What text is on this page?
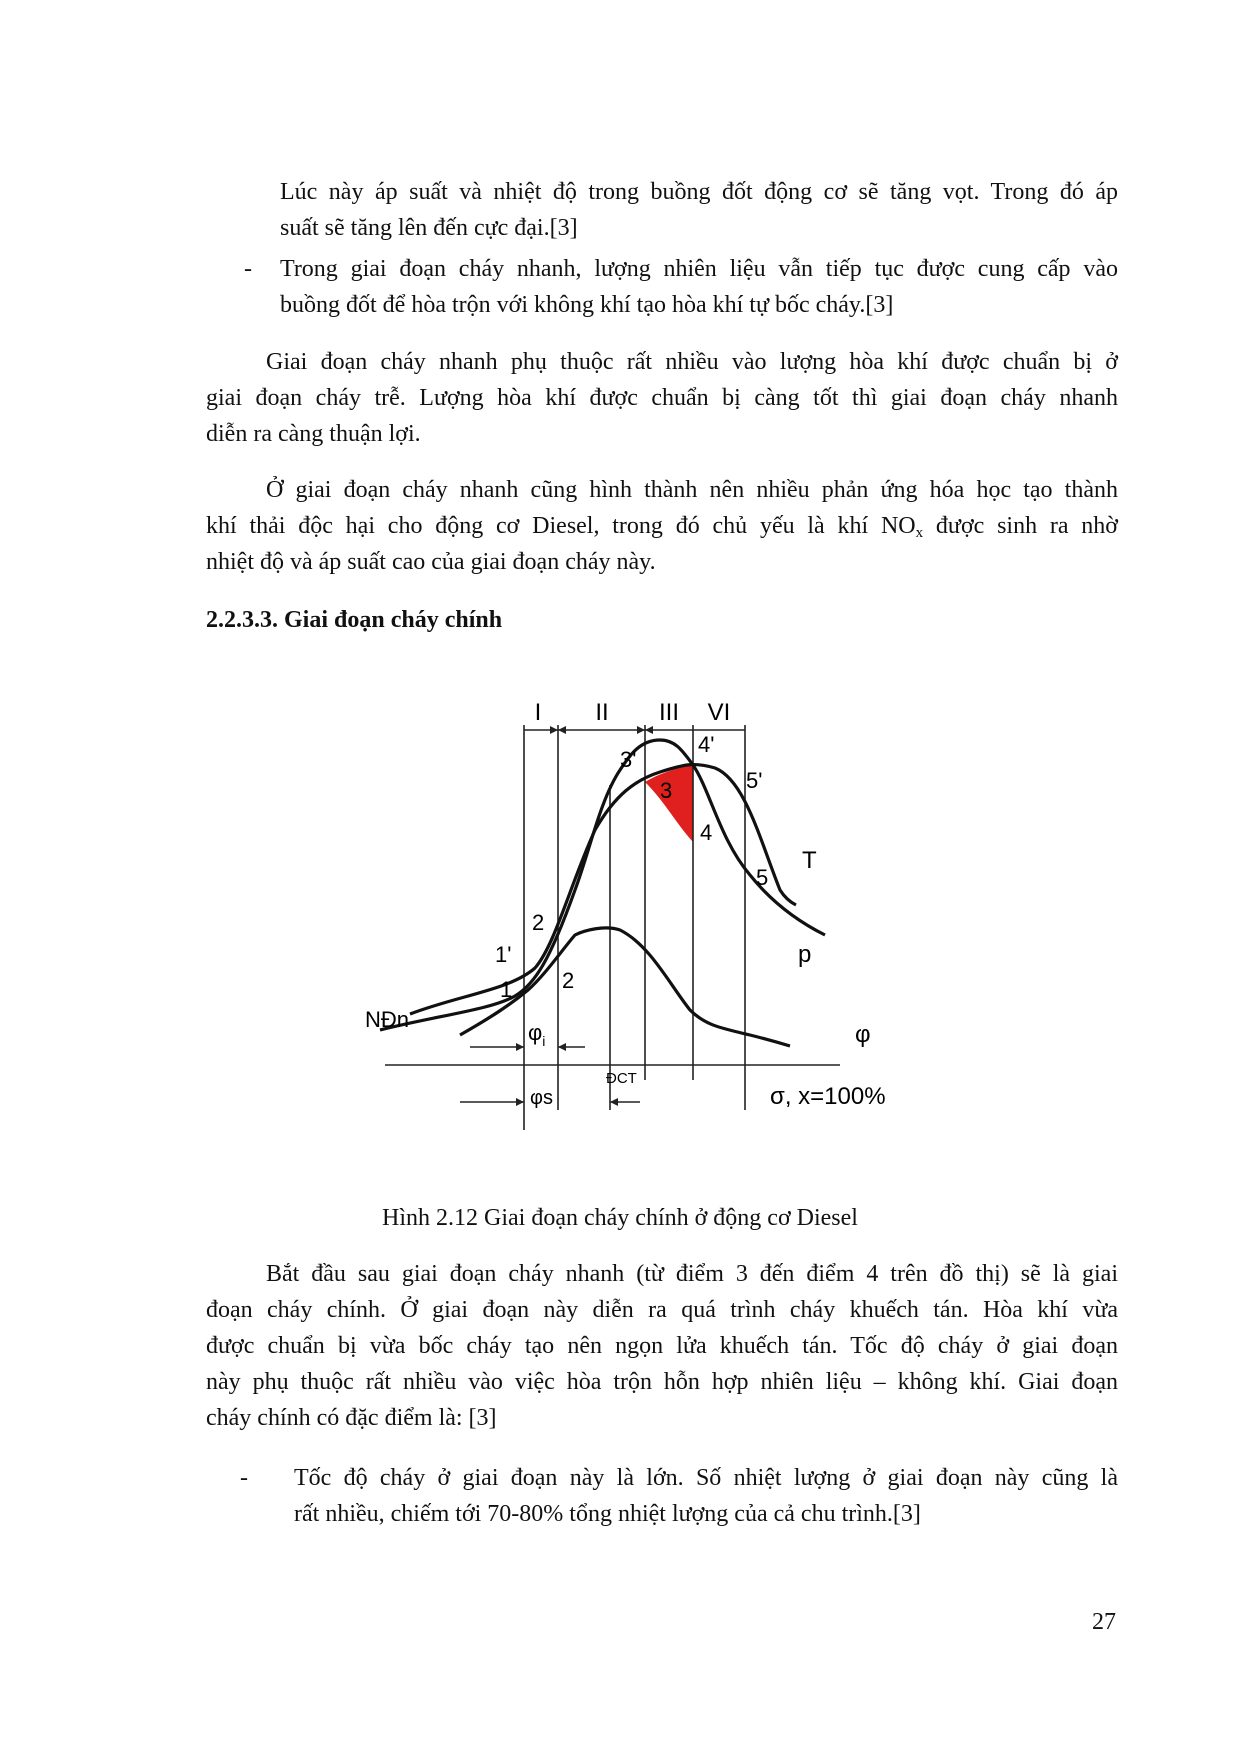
Lúc này áp suất và nhiệt độ trong buồng đốt động cơ sẽ tăng vọt. Trong đó áp
suất sẽ tăng lên đến cực đại.[3]
- Trong giai đoạn cháy nhanh, lượng nhiên liệu vẫn tiếp tục được cung cấp vào
buồng đốt để hòa trộn với không khí tạo hòa khí tự bốc cháy.[3]
Giai đoạn cháy nhanh phụ thuộc rất nhiều vào lượng hòa khí được chuẩn bị ở
giai đoạn cháy trễ. Lượng hòa khí được chuẩn bị càng tốt thì giai đoạn cháy nhanh
diễn ra càng thuận lợi.
Ở giai đoạn cháy nhanh cũng hình thành nên nhiều phản ứng hóa học tạo thành
khí thải độc hại cho động cơ Diesel, trong đó chủ yếu là khí $NO_x$ được sinh ra nhờ
nhiệt độ và áp suất cao của giai đoạn cháy này.
2.2.3.3. Giai đoạn cháy chính
I II III VI
1'
1
2
2
3'
3
4'
4
5'
5
T
p
NĐn
φ
$\varphi_i$
ĐCT
φs	σ, x=100%
Hình 2.12 Giai đoạn cháy chính ở động cơ Diesel
Bắt đầu sau giai đoạn cháy nhanh (từ điểm 3 đến điểm 4 trên đồ thị) sẽ là giai
đoạn cháy chính. Ở giai đoạn này diễn ra quá trình cháy khuếch tán. Hòa khí vừa
được chuẩn bị vừa bốc cháy tạo nên ngọn lửa khuếch tán. Tốc độ cháy ở giai đoạn
này phụ thuộc rất nhiều vào việc hòa trộn hỗn hợp nhiên liệu – không khí. Giai đoạn
cháy chính có đặc điểm là: [3]
- Tốc độ cháy ở giai đoạn này là lớn. Số nhiệt lượng ở giai đoạn này cũng là
rất nhiều, chiếm tới 70-80% tổng nhiệt lượng của cả chu trình.[3]
27
